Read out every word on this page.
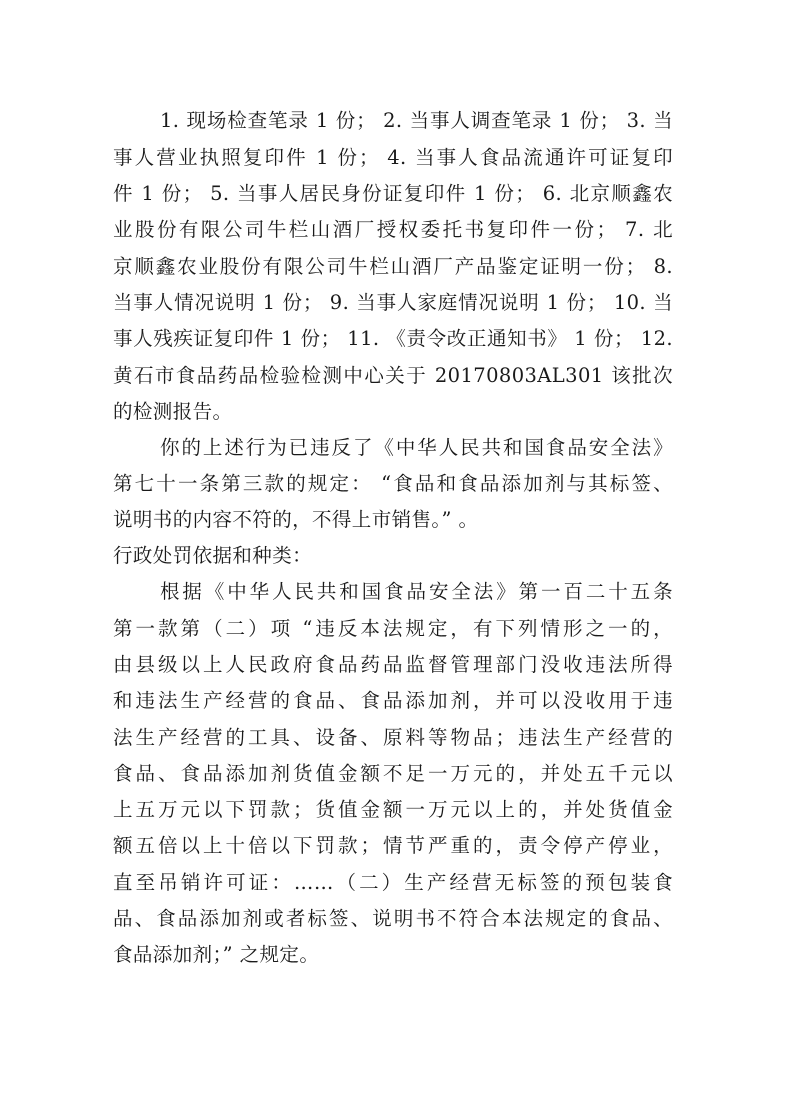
1. 现场检查笔录 1 份； 2. 当事人调查笔录 1 份； 3. 当
事人营业执照复印件 1 份； 4. 当事人食品流通许可证复印
件 1 份； 5. 当事人居民身份证复印件 1 份； 6. 北京顺鑫农
业股份有限公司牛栏山酒厂授权委托书复印件一份； 7. 北
京顺鑫农业股份有限公司牛栏山酒厂产品鉴定证明一份； 8.
当事人情况说明 1 份； 9. 当事人家庭情况说明 1 份； 10. 当
事人残疾证复印件 1 份； 11. 《责令改正通知书》 1 份； 12.
黄石市食品药品检验检测中心关于 20170803AL301 该批次
的检测报告。
你的上述行为已违反了《中华人民共和国食品安全法》
第七十一条第三款的规定： “食品和食品添加剂与其标签、
说明书的内容不符的，不得上市销售。” 。
行政处罚依据和种类：
根据《中华人民共和国食品安全法》第一百二十五条
第一款第（二）项 “违反本法规定，有下列情形之一的，
由县级以上人民政府食品药品监督管理部门没收违法所得
和违法生产经营的食品、食品添加剂，并可以没收用于违
法生产经营的工具、设备、原料等物品；违法生产经营的
食品、食品添加剂货值金额不足一万元的，并处五千元以
上五万元以下罚款；货值金额一万元以上的，并处货值金
额五倍以上十倍以下罚款；情节严重的，责令停产停业，
直至吊销许可证：……（二）生产经营无标签的预包装食
品、食品添加剂或者标签、说明书不符合本法规定的食品、
食品添加剂；” 之规定。
